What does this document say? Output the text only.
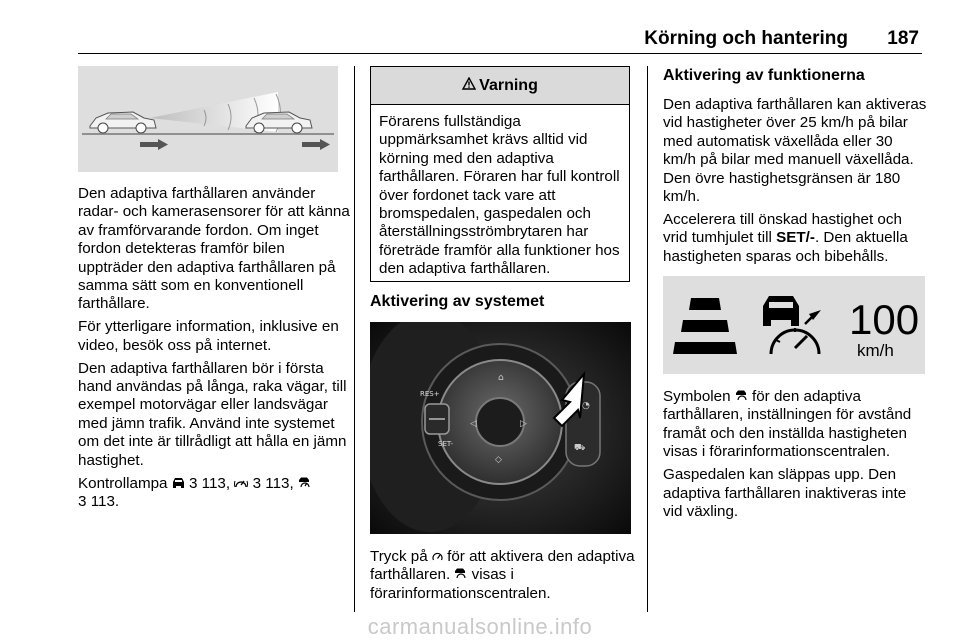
Körning och hantering 187

Den adaptiva farthållaren använder radar- och kamerasensorer för att känna av framförvarande fordon. Om inget fordon detekteras framför bilen uppträder den adaptiva farthållaren på samma sätt som en konventionell farthållare.

För ytterligare information, inklusive en video, besök oss på internet.

Den adaptiva farthållaren bör i första hand användas på långa, raka vägar, till exempel motorvägar eller landsvägar med jämn trafik. Använd inte systemet om det inte är tillrådligt att hålla en jämn hastighet.

Kontrollampa 3 113, 3 113,
3 113.

Varning
Förarens fullständiga uppmärksamhet krävs alltid vid körning med den adaptiva farthållaren. Föraren har full kontroll över fordonet tack vare att bromspedalen, gaspedalen och återställningsströmbrytaren har företräde framför alla funktioner hos den adaptiva farthållaren.
Aktivering av systemet
⌂
◁	▷
◇
RES+
SET-
◔
⛟
Tryck på för att aktivera den adaptiva farthållaren. visas i förarinformationscentralen.
Aktivering av funktionerna

Den adaptiva farthållaren kan aktiveras vid hastigheter över 25 km/h på bilar med automatisk växellåda eller 30 km/h på bilar med manuell växellåda. Den övre hastighetsgränsen är 180 km/h.

Accelerera till önskad hastighet och vrid tumhjulet till SET/-. Den aktuella hastigheten sparas och bibehålls.

100
km/h

Symbolen för den adaptiva farthållaren, inställningen för avstånd framåt och den inställda hastigheten visas i förarinformationscentralen.

Gaspedalen kan släppas upp. Den adaptiva farthållaren inaktiveras inte vid växling.

carmanualsonline.info
